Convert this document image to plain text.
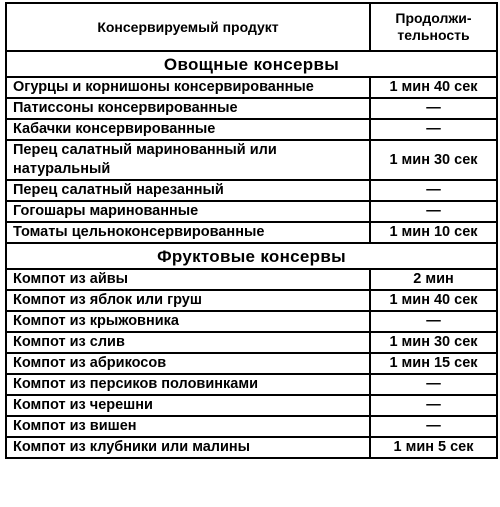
Консервируемый продукт	Продолжи-
тельность

Овощные консервы	
Огурцы и корнишоны консервированные	1 мин 40 сек
Патиссоны консервированные	—
Кабачки консервированные	—
Перец салатный маринованный или натуральный	1 мин 30 сек
Перец салатный нарезанный	—
Гогошары маринованные	—
Томаты цельноконсервированные	1 мин 10 сек
Фруктовые консервы	
Компот из айвы	2 мин
Компот из яблок или груш	1 мин 40 сек
Компот из крыжовника	—
Компот из слив	1 мин 30 сек
Компот из абрикосов	1 мин 15 сек
Компот из персиков половинками	—
Компот из черешни	—
Компот из вишен	—
Компот из клубники или малины	1 мин 5 сек
